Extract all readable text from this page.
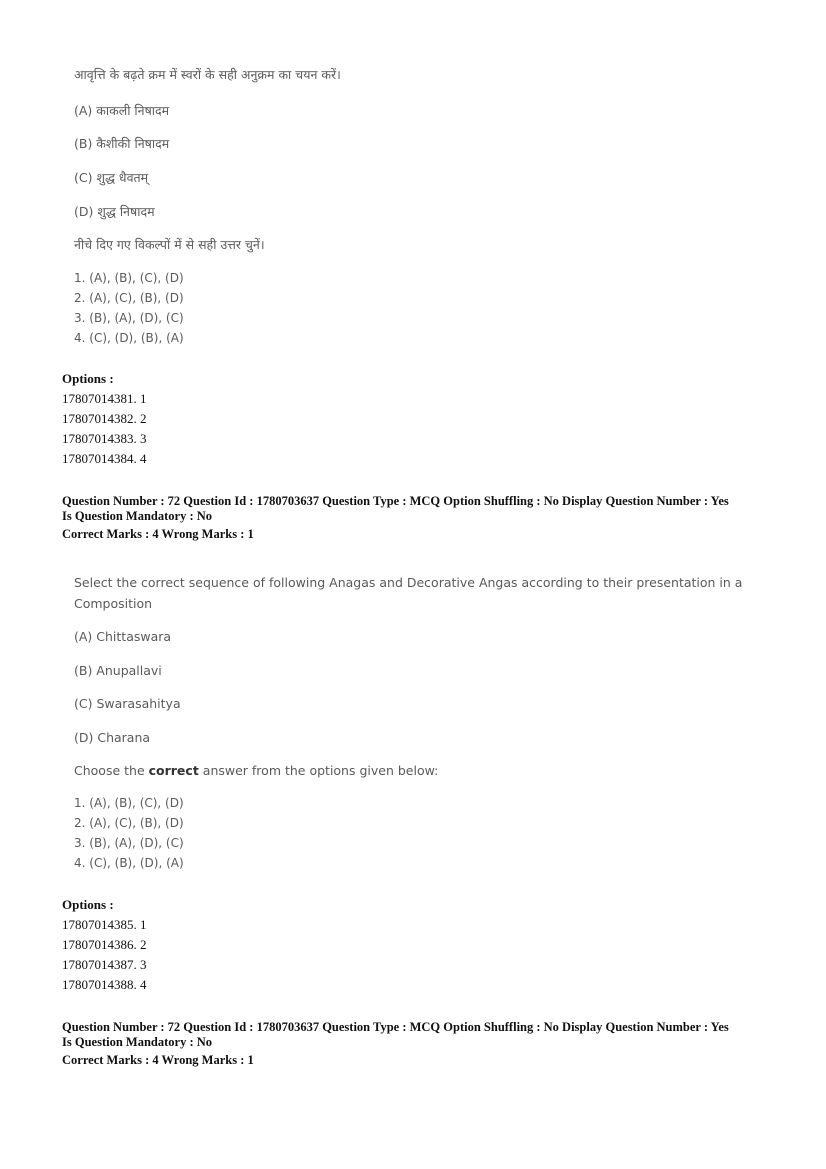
आवृत्ति के बढ़ते क्रम में स्वरों के सही अनुक्रम का चयन करें।
(A) काकली निषादम
(B) कैशीकी निषादम
(C) शुद्ध धैवतम्
(D) शुद्ध निषादम
नीचे दिए गए विकल्पों में से सही उत्तर चुनें।
1. (A), (B), (C), (D)
2. (A), (C), (B), (D)
3. (B), (A), (D), (C)
4. (C), (D), (B), (A)
Options :
17807014381. 1
17807014382. 2
17807014383. 3
17807014384. 4
Question Number : 72 Question Id : 1780703637 Question Type : MCQ Option Shuffling : No Display Question Number : Yes
Is Question Mandatory : No
Correct Marks : 4 Wrong Marks : 1
Select the correct sequence of following Anagas and Decorative Angas according to their presentation in a
Composition
(A) Chittaswara
(B) Anupallavi
(C) Swarasahitya
(D) Charana
Choose the correct answer from the options given below:
1. (A), (B), (C), (D)
2. (A), (C), (B), (D)
3. (B), (A), (D), (C)
4. (C), (B), (D), (A)
Options :
17807014385. 1
17807014386. 2
17807014387. 3
17807014388. 4
Question Number : 72 Question Id : 1780703637 Question Type : MCQ Option Shuffling : No Display Question Number : Yes
Is Question Mandatory : No
Correct Marks : 4 Wrong Marks : 1
